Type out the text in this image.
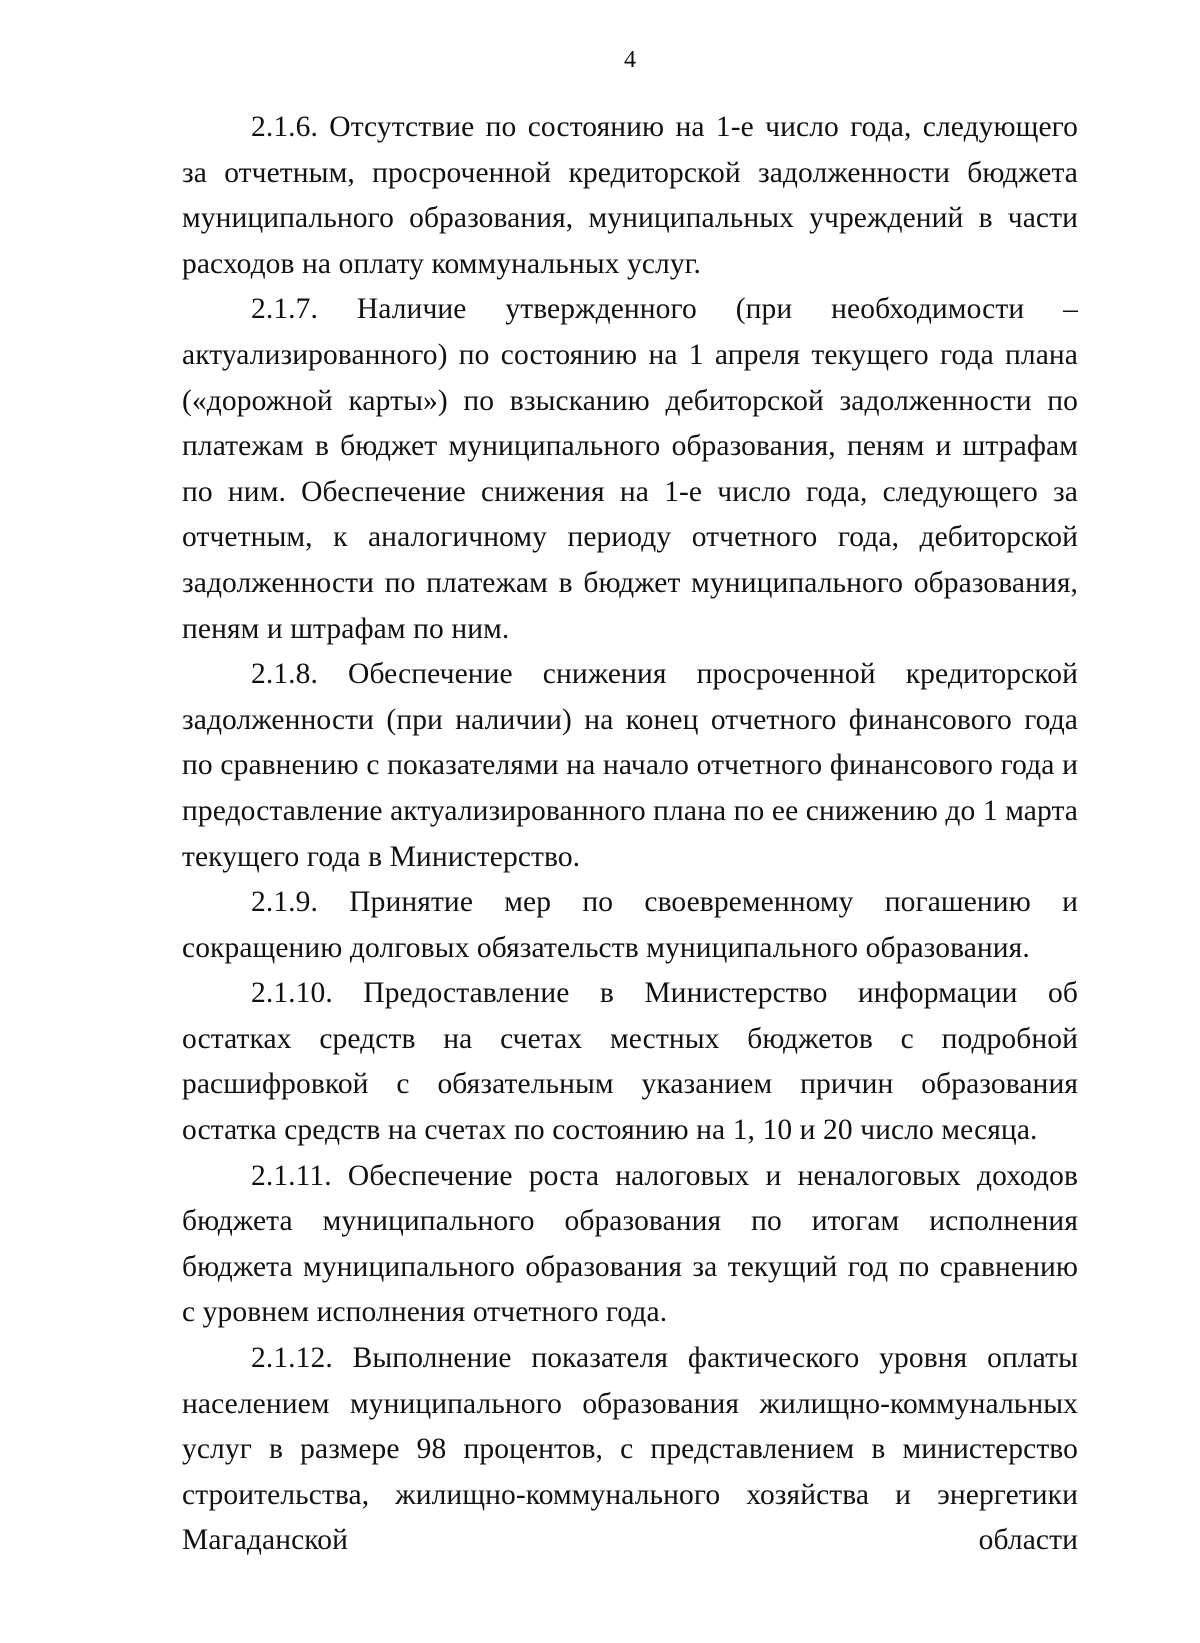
4

2.1.6. Отсутствие по состоянию на 1-е число года, следующего за отчетным, просроченной кредиторской задолженности бюджета муниципального образования, муниципальных учреждений в части расходов на оплату коммунальных услуг.

2.1.7. Наличие утвержденного (при необходимости – актуализированного) по состоянию на 1 апреля текущего года плана («дорожной карты») по взысканию дебиторской задолженности по платежам в бюджет муниципального образования, пеням и штрафам по ним. Обеспечение снижения на 1-е число года, следующего за отчетным, к аналогичному периоду отчетного года, дебиторской задолженности по платежам в бюджет муниципального образования, пеням и штрафам по ним.

2.1.8. Обеспечение снижения просроченной кредиторской задолженности (при наличии) на конец отчетного финансового года по сравнению с показателями на начало отчетного финансового года и предоставление актуализированного плана по ее снижению до 1 марта текущего года в Министерство.

2.1.9. Принятие мер по своевременному погашению и сокращению долговых обязательств муниципального образования.

2.1.10. Предоставление в Министерство информации об остатках средств на счетах местных бюджетов с подробной расшифровкой с обязательным указанием причин образования остатка средств на счетах по состоянию на 1, 10 и 20 число месяца.

2.1.11. Обеспечение роста налоговых и неналоговых доходов бюджета муниципального образования по итогам исполнения бюджета муниципального образования за текущий год по сравнению с уровнем исполнения отчетного года.

2.1.12. Выполнение показателя фактического уровня оплаты населением муниципального образования жилищно-коммунальных услуг в размере 98 процентов, с представлением в министерство строительства, жилищно-коммунального хозяйства и энергетики Магаданской области
